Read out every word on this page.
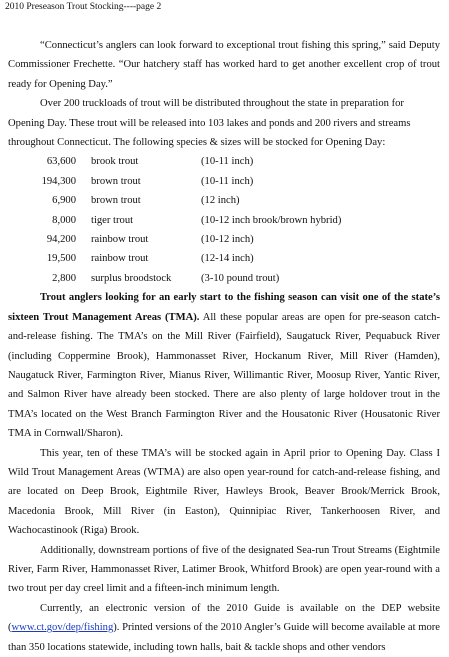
2010 Preseason Trout Stocking----page 2

“Connecticut’s anglers can look forward to exceptional trout fishing this spring,” said Deputy Commissioner Frechette. “Our hatchery staff has worked hard to get another excellent crop of trout ready for Opening Day.”

Over 200 truckloads of trout will be distributed throughout the state in preparation for Opening Day. These trout will be released into 103 lakes and ponds and 200 rivers and streams throughout Connecticut. The following species & sizes will be stocked for Opening Day:

63,600		brook trout	(10-11 inch)
194,300		brown trout	(10-11 inch)
6,900		brown trout	(12 inch)
8,000		tiger trout	(10-12 inch brook/brown hybrid)
94,200		rainbow trout	(10-12 inch)
19,500		rainbow trout	(12-14 inch)
2,800		surplus broodstock	(3-10 pound trout)

Trout anglers looking for an early start to the fishing season can visit one of the state’s sixteen Trout Management Areas (TMA). All these popular areas are open for pre-season catch-and-release fishing. The TMA’s on the Mill River (Fairfield), Saugatuck River, Pequabuck River (including Coppermine Brook), Hammonasset River, Hockanum River, Mill River (Hamden), Naugatuck River, Farmington River, Mianus River, Willimantic River, Moosup River, Yantic River, and Salmon River have already been stocked. There are also plenty of large holdover trout in the TMA’s located on the West Branch Farmington River and the Housatonic River (Housatonic River TMA in Cornwall/Sharon).

This year, ten of these TMA’s will be stocked again in April prior to Opening Day. Class I Wild Trout Management Areas (WTMA) are also open year-round for catch-and-release fishing, and are located on Deep Brook, Eightmile River, Hawleys Brook, Beaver Brook/Merrick Brook, Macedonia Brook, Mill River (in Easton), Quinnipiac River, Tankerhoosen River, and Wachocastinook (Riga) Brook.

Additionally, downstream portions of five of the designated Sea-run Trout Streams (Eightmile River, Farm River, Hammonasset River, Latimer Brook, Whitford Brook) are open year-round with a two trout per day creel limit and a fifteen-inch minimum length.

Currently, an electronic version of the 2010 Guide is available on the DEP website (www.ct.gov/dep/fishing). Printed versions of the 2010 Angler’s Guide will become available at more than 350 locations statewide, including town halls, bait & tackle shops and other vendors
